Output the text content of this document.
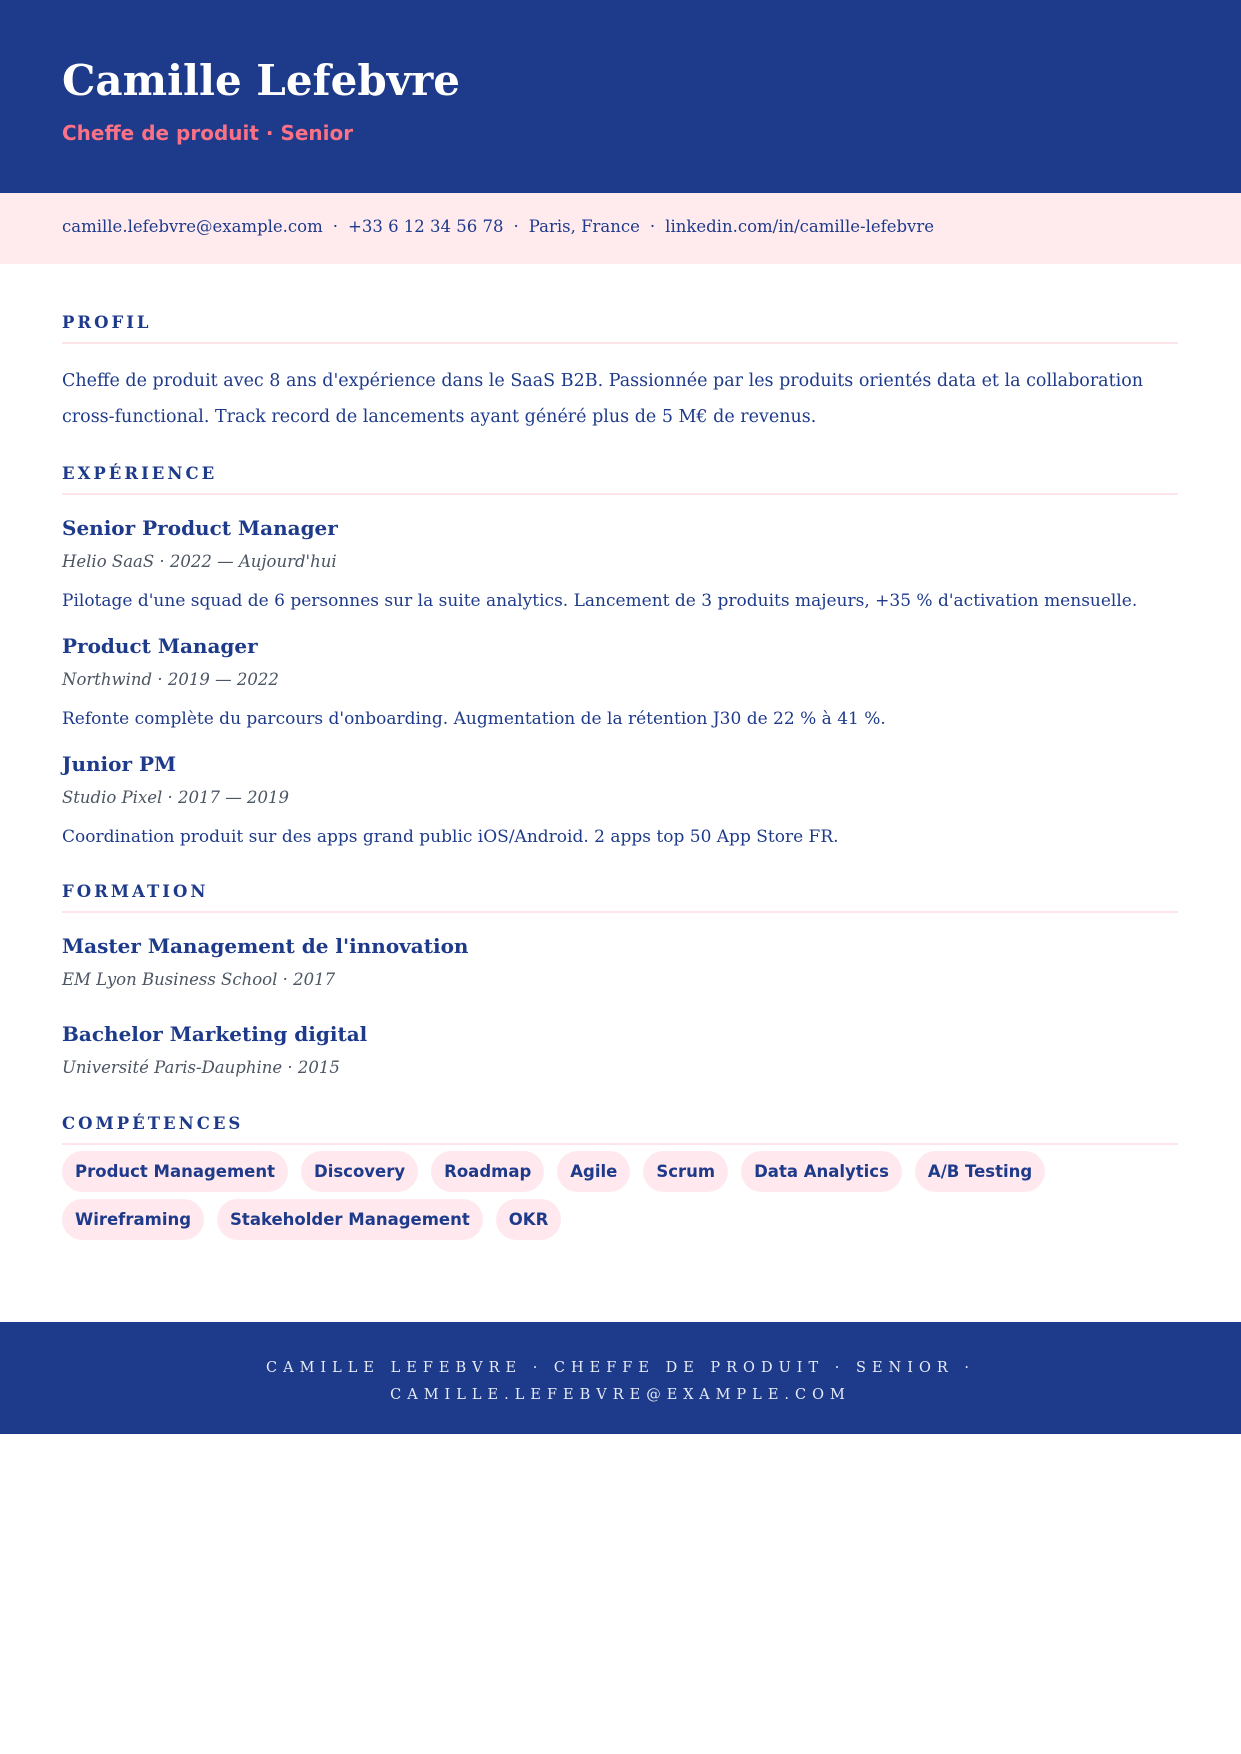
Camille Lefebvre
Cheffe de produit · Senior
camille.lefebvre@example.com · +33 6 12 34 56 78 · Paris, France · linkedin.com/in/camille-lefebvre
PROFIL

Cheffe de produit avec 8 ans d'expérience dans le SaaS B2B. Passionnée par les produits orientés data et la collaboration cross-functional. Track record de lancements ayant généré plus de 5 M€ de revenus.

EXPÉRIENCE
Senior Product Manager
Helio SaaS · 2022 — Aujourd'hui
Pilotage d'une squad de 6 personnes sur la suite analytics. Lancement de 3 produits majeurs, +35 % d'activation mensuelle.
Product Manager
Northwind · 2019 — 2022
Refonte complète du parcours d'onboarding. Augmentation de la rétention J30 de 22 % à 41 %.
Junior PM
Studio Pixel · 2017 — 2019
Coordination produit sur des apps grand public iOS/Android. 2 apps top 50 App Store FR.
FORMATION
Master Management de l'innovation
EM Lyon Business School · 2017
Bachelor Marketing digital
Université Paris-Dauphine · 2015
COMPÉTENCES
Product Management	Discovery	Roadmap	Agile	Scrum	Data Analytics	A/B Testing
Wireframing	Stakeholder Management	OKR
CAMILLE LEFEBVRE · CHEFFE DE PRODUIT · SENIOR · CAMILLE.LEFEBVRE@EXAMPLE.COM
